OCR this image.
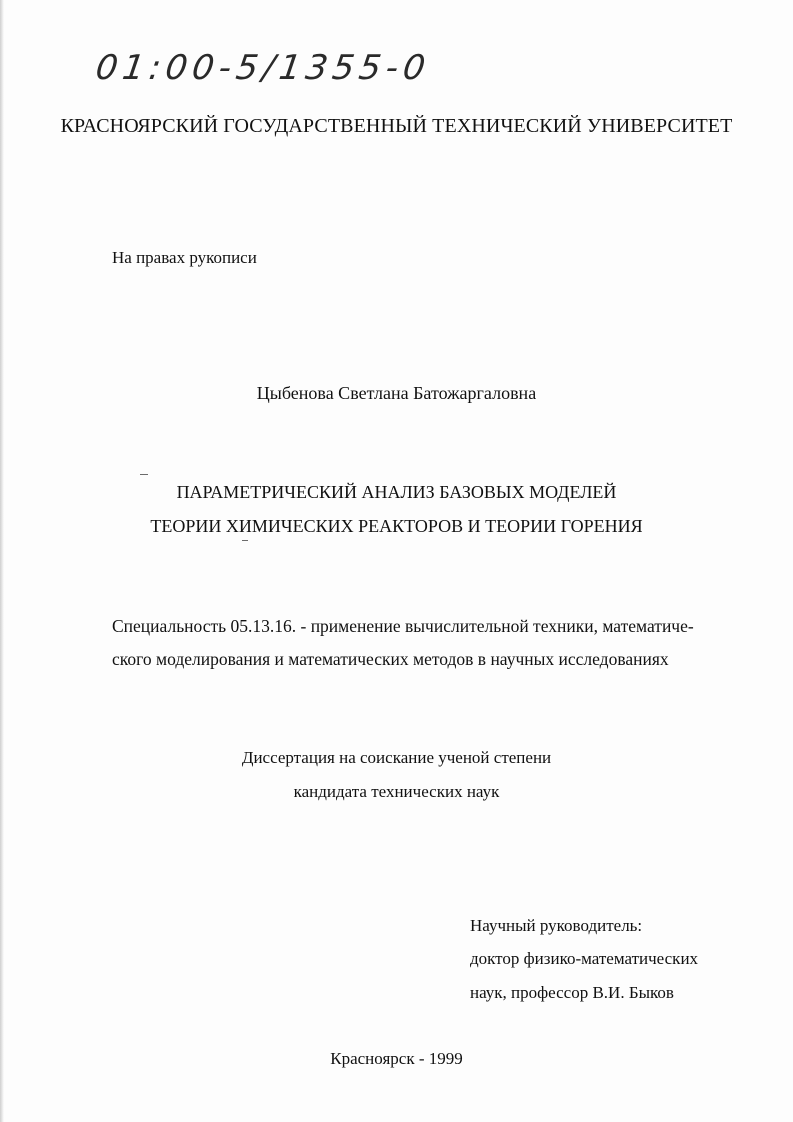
01:00-5/1355-0
КРАСНОЯРСКИЙ ГОСУДАРСТВЕННЫЙ ТЕХНИЧЕСКИЙ УНИВЕРСИТЕТ
На правах рукописи
Цыбенова Светлана Батожаргаловна
ПАРАМЕТРИЧЕСКИЙ АНАЛИЗ БАЗОВЫХ МОДЕЛЕЙ
ТЕОРИИ ХИМИЧЕСКИХ РЕАКТОРОВ И ТЕОРИИ ГОРЕНИЯ
Специальность 05.13.16. - применение вычислительной техники, математиче-
ского моделирования и математических методов в научных исследованиях
Диссертация на соискание ученой степени
кандидата технических наук
Научный руководитель:
доктор физико-математических
наук, профессор В.И. Быков
Красноярск - 1999
